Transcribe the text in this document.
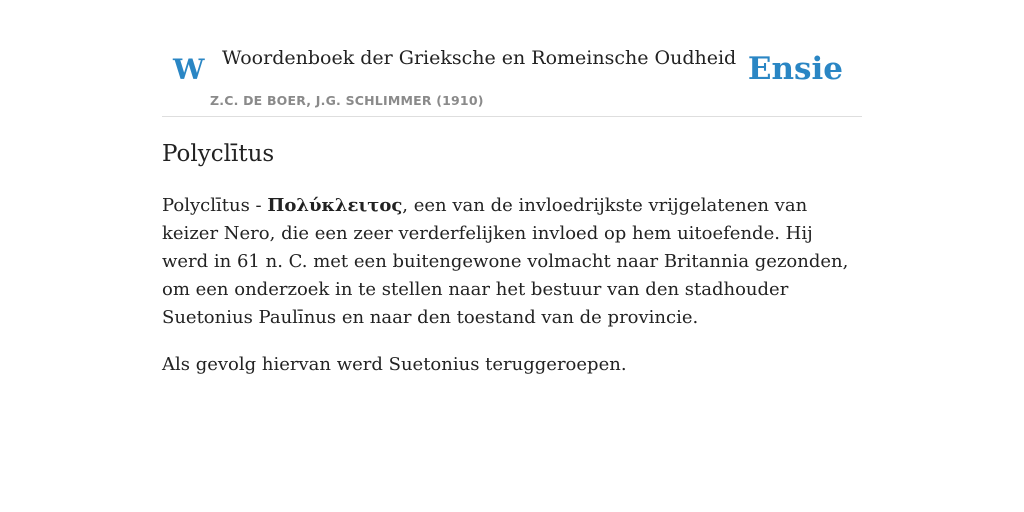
W Woordenboek der Grieksche en Romeinsche Oudheid
Z.C. DE BOER, J.G. SCHLIMMER (1910)
Ensie
Polyclītus

Polyclītus - Πολύκλειτος, een van de invloedrijkste vrijgelatenen van keizer Nero, die een zeer verderfelijken invloed op hem uitoefende. Hij werd in 61 n. C. met een buitengewone volmacht naar Britannia gezonden, om een onderzoek in te stellen naar het bestuur van den stadhouder Suetonius Paulīnus en naar den toestand van de provincie.

Als gevolg hiervan werd Suetonius teruggeroepen.
